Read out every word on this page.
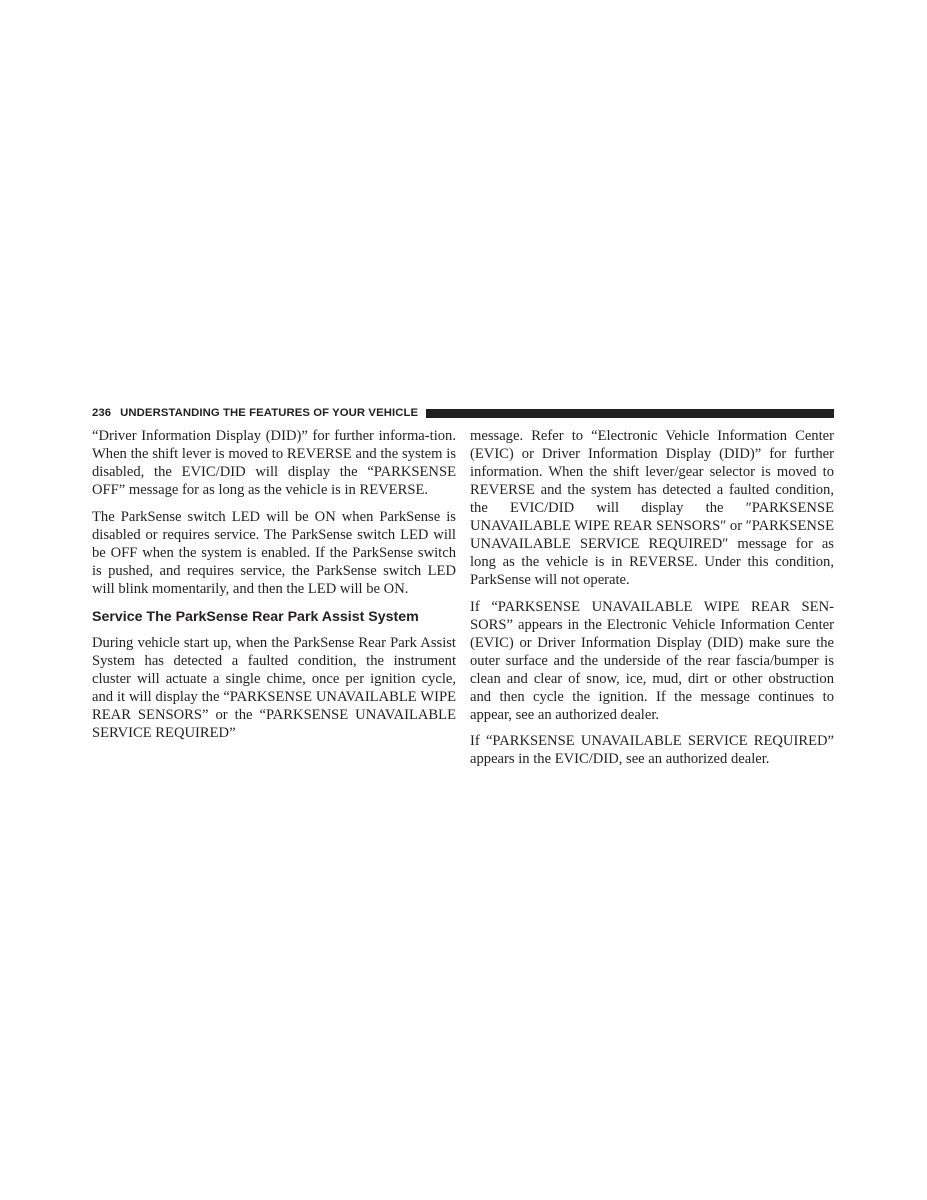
236 UNDERSTANDING THE FEATURES OF YOUR VEHICLE

“Driver Information Display (DID)” for further informa-tion. When the shift lever is moved to REVERSE and the system is disabled, the EVIC/DID will display the “PARKSENSE OFF” message for as long as the vehicle is in REVERSE.

The ParkSense switch LED will be ON when ParkSense is disabled or requires service. The ParkSense switch LED will be OFF when the system is enabled. If the ParkSense switch is pushed, and requires service, the ParkSense switch LED will blink momentarily, and then the LED will be ON.

Service The ParkSense Rear Park Assist System

During vehicle start up, when the ParkSense Rear Park Assist System has detected a faulted condition, the instrument cluster will actuate a single chime, once per ignition cycle, and it will display the “PARKSENSE UNAVAILABLE WIPE REAR SENSORS” or the “PARKSENSE UNAVAILABLE SERVICE REQUIRED”

message. Refer to “Electronic Vehicle Information Center (EVIC) or Driver Information Display (DID)” for further information. When the shift lever/gear selector is moved to REVERSE and the system has detected a faulted condition, the EVIC/DID will display the ″PARKSENSE UNAVAILABLE WIPE REAR SENSORS″ or ″PARKSENSE UNAVAILABLE SERVICE REQUIRED″ message for as long as the vehicle is in REVERSE. Under this condition, ParkSense will not operate.

If “PARKSENSE UNAVAILABLE WIPE REAR SEN-SORS” appears in the Electronic Vehicle Information Center (EVIC) or Driver Information Display (DID) make sure the outer surface and the underside of the rear fascia/bumper is clean and clear of snow, ice, mud, dirt or other obstruction and then cycle the ignition. If the message continues to appear, see an authorized dealer.

If “PARKSENSE UNAVAILABLE SERVICE REQUIRED” appears in the EVIC/DID, see an authorized dealer.
